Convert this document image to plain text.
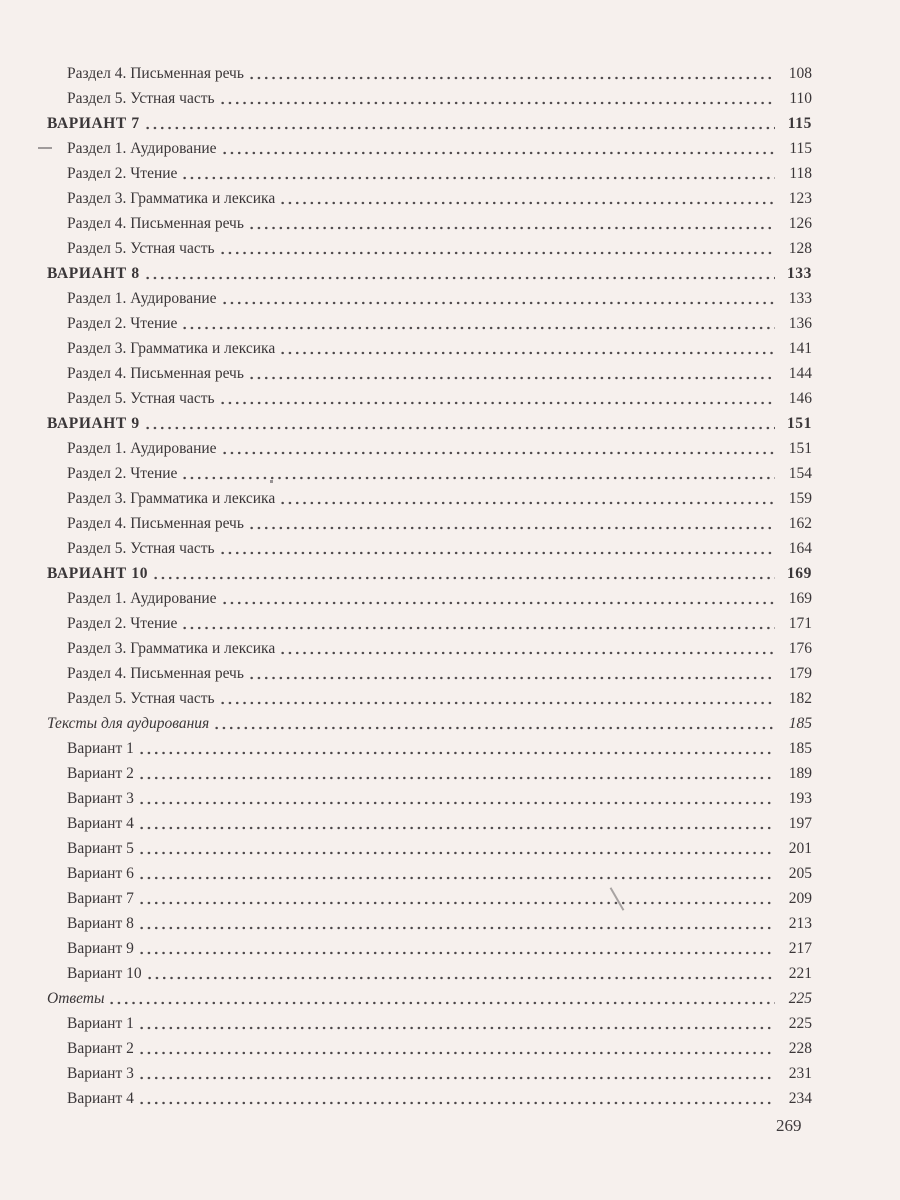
Раздел 4. Письменная речь	108
Раздел 5. Устная часть	110
ВАРИАНТ 7	115
Раздел 1. Аудирование	115
Раздел 2. Чтение	118
Раздел 3. Грамматика и лексика	123
Раздел 4. Письменная речь	126
Раздел 5. Устная часть	128
ВАРИАНТ 8	133
Раздел 1. Аудирование	133
Раздел 2. Чтение	136
Раздел 3. Грамматика и лексика	141
Раздел 4. Письменная речь	144
Раздел 5. Устная часть	146
ВАРИАНТ 9	151
Раздел 1. Аудирование	151
Раздел 2. Чтение	154
Раздел 3. Грамматика и лексика	159
Раздел 4. Письменная речь	162
Раздел 5. Устная часть	164
ВАРИАНТ 10	169
Раздел 1. Аудирование	169
Раздел 2. Чтение	171
Раздел 3. Грамматика и лексика	176
Раздел 4. Письменная речь	179
Раздел 5. Устная часть	182
Тексты для аудирования	185
Вариант 1	185
Вариант 2	189
Вариант 3	193
Вариант 4	197
Вариант 5	201
Вариант 6	205
Вариант 7	209
Вариант 8	213
Вариант 9	217
Вариант 10	221
Ответы	225
Вариант 1	225
Вариант 2	228
Вариант 3	231
Вариант 4	234
269
